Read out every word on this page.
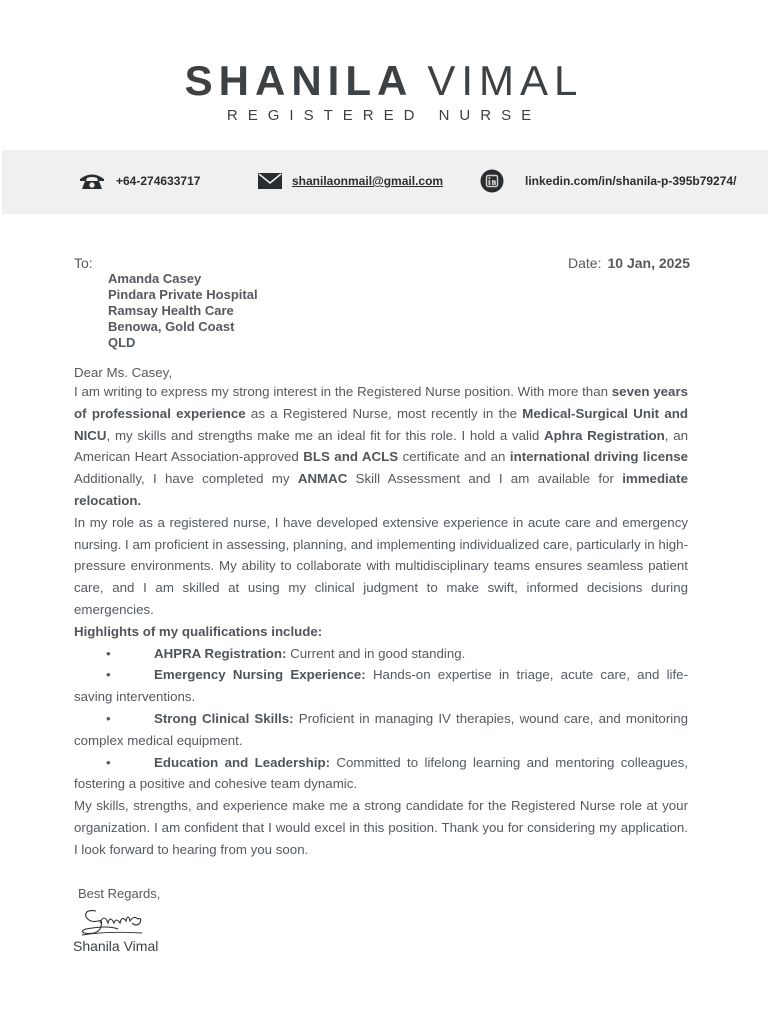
SHANILA VIMAL
REGISTERED NURSE
+64-274633717	shanilaonmail@gmail.com	linkedin.com/in/shanila-p-395b79274/
To:	Date: 10 Jan, 2025
Amanda Casey
Pindara Private Hospital
Ramsay Health Care
Benowa, Gold Coast
QLD

Dear Ms. Casey,

I am writing to express my strong interest in the Registered Nurse position. With more than seven years of professional experience as a Registered Nurse, most recently in the Medical-Surgical Unit and NICU, my skills and strengths make me an ideal fit for this role. I hold a valid Aphra Registration, an American Heart Association-approved BLS and ACLS certificate and an international driving license Additionally, I have completed my ANMAC Skill Assessment and I am available for immediate relocation.

In my role as a registered nurse, I have developed extensive experience in acute care and emergency nursing. I am proficient in assessing, planning, and implementing individualized care, particularly in high-pressure environments. My ability to collaborate with multidisciplinary teams ensures seamless patient care, and I am skilled at using my clinical judgment to make swift, informed decisions during emergencies.

Highlights of my qualifications include:

•	AHPRA Registration: Current and in good standing.

•	Emergency Nursing Experience: Hands-on expertise in triage, acute care, and life-saving interventions.

•	Strong Clinical Skills: Proficient in managing IV therapies, wound care, and monitoring complex medical equipment.

•	Education and Leadership: Committed to lifelong learning and mentoring colleagues, fostering a positive and cohesive team dynamic.

My skills, strengths, and experience make me a strong candidate for the Registered Nurse role at your organization. I am confident that I would excel in this position. Thank you for considering my application. I look forward to hearing from you soon.

Best Regards,
Shanila Vimal
